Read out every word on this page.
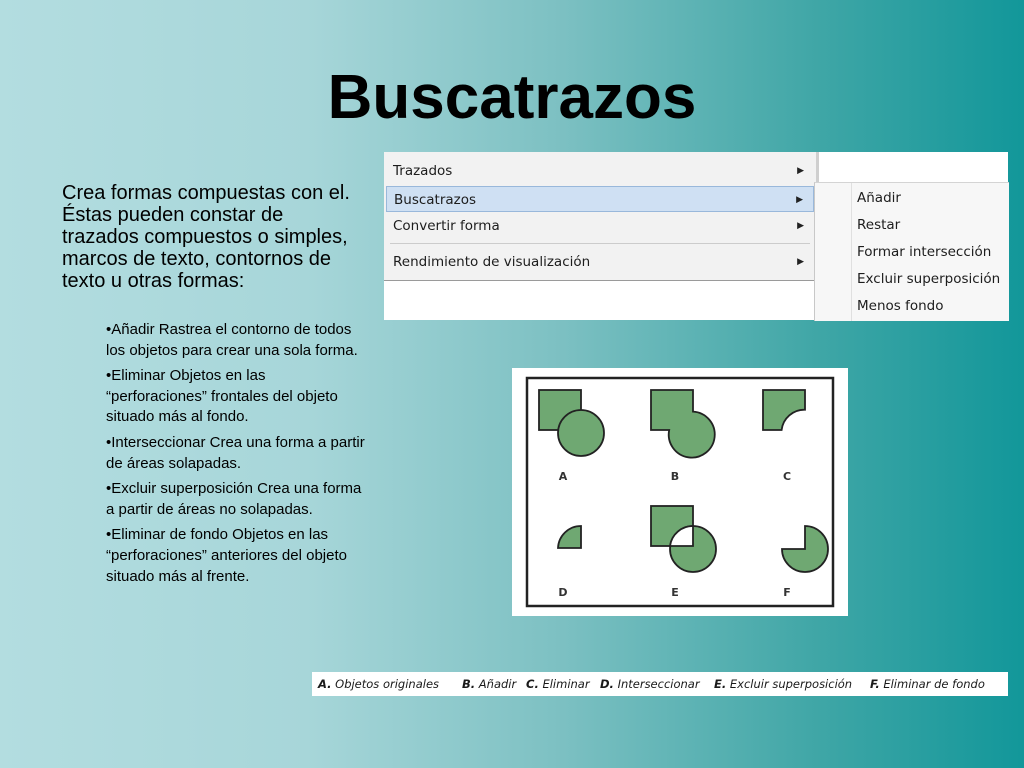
Buscatrazos
Crea formas compuestas con el. Éstas pueden constar de trazados compuestos o simples, marcos de texto, contornos de texto u otras formas:
•Añadir Rastrea el contorno de todos los objetos para crear una sola forma.
•Eliminar Objetos en las “perforaciones” frontales del objeto situado más al fondo.
•Interseccionar Crea una forma a partir de áreas solapadas.
•Excluir superposición Crea una forma a partir de áreas no solapadas.
•Eliminar de fondo Objetos en las “perforaciones” anteriores del objeto situado más al frente.
Trazados	▶
Buscatrazos	▶
Convertir forma	▶
Rendimiento de visualización	▶
Añadir
Restar
Formar intersección
Excluir superposición
Menos fondo
A	B	C
D	E	F
A. Objetos originales B. Añadir C. Eliminar D. Interseccionar E. Excluir superposición F. Eliminar de fondo
